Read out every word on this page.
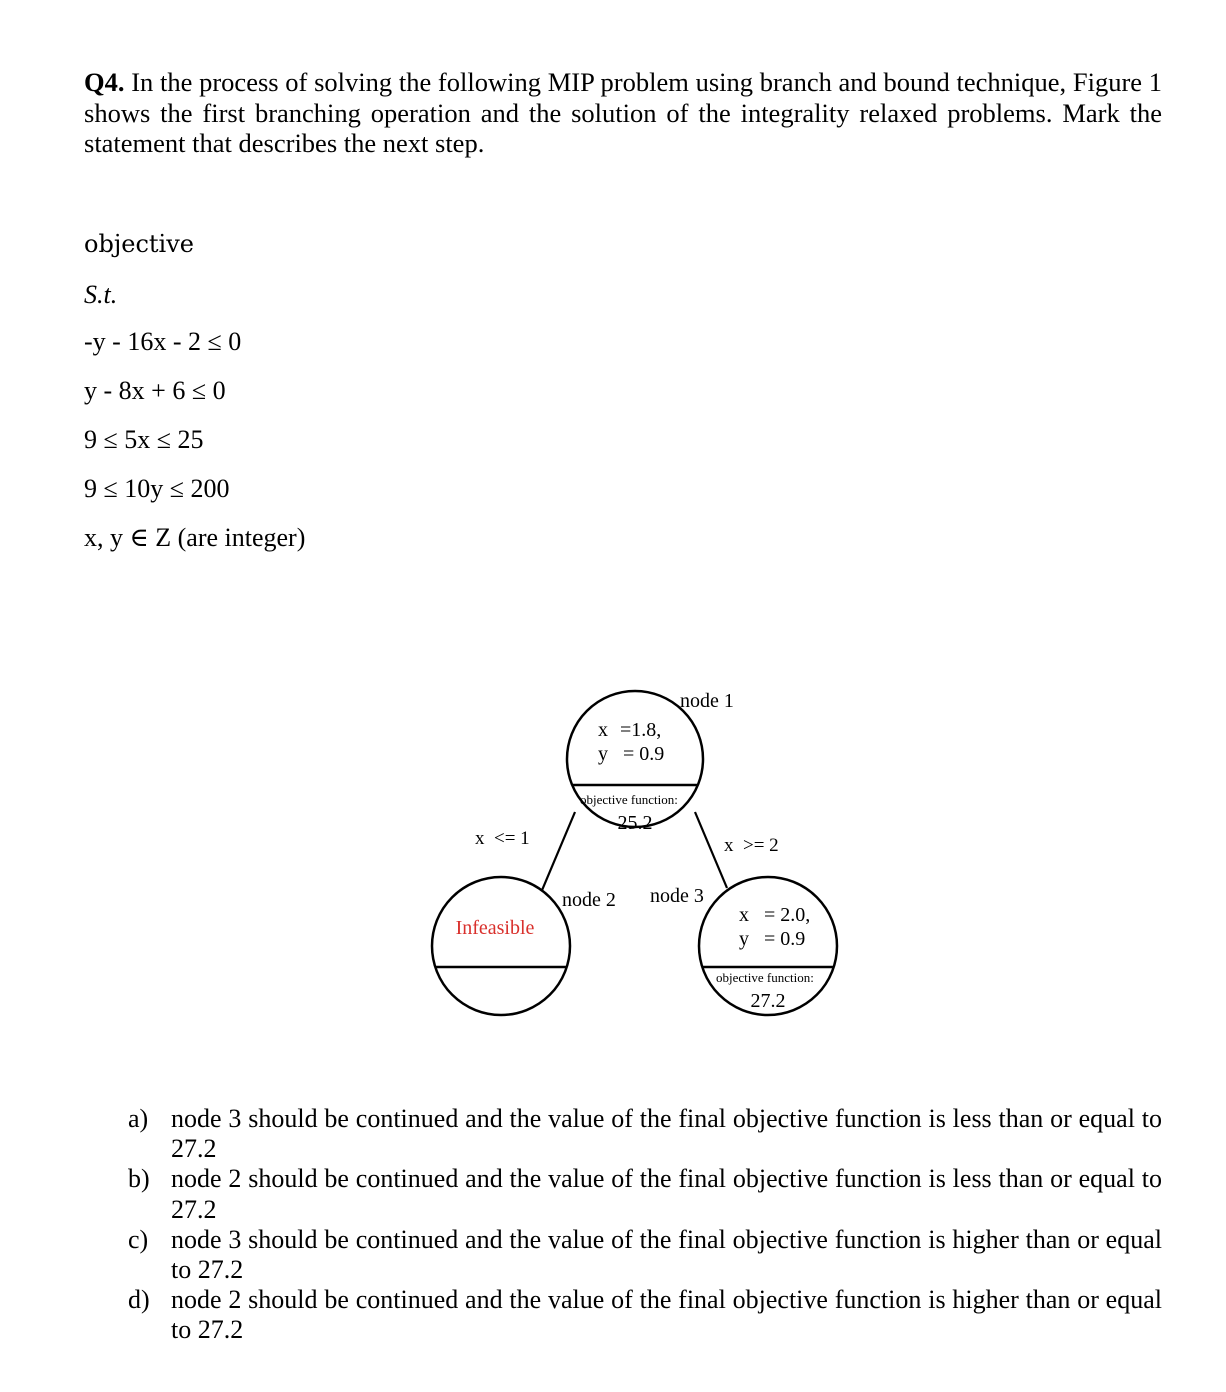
Q4. In the process of solving the following MIP problem using branch and bound technique, Figure 1 shows the first branching operation and the solution of the integrality relaxed problems. Mark the statement that describes the next step.
objective
S.t.
-y - 16x - 2 ≤ 0
y - 8x + 6 ≤ 0
9 ≤ 5x ≤ 25
9 ≤ 10y ≤ 200
x, y ∈ Z (are integer)
x =1.8,
y = 0.9
objective function:
25.2
node 1
Infeasible
node 2
x = 2.0,
y = 0.9
objective function:
27.2
node 3
x  <= 1	x  >= 2
a) node 3 should be continued and the value of the final objective function is less than or equal to 27.2
b) node 2 should be continued and the value of the final objective function is less than or equal to 27.2
c) node 3 should be continued and the value of the final objective function is higher than or equal to 27.2
d) node 2 should be continued and the value of the final objective function is higher than or equal to 27.2
